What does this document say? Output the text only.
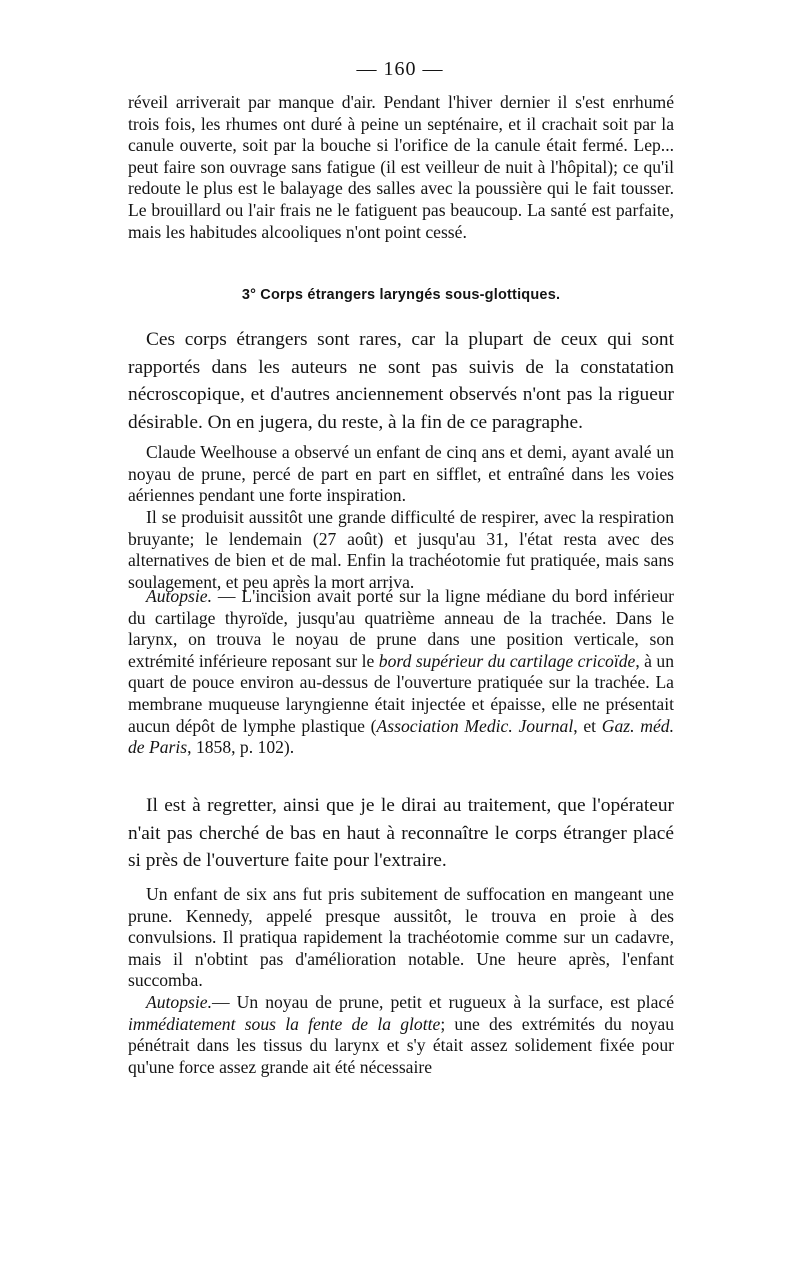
— 160 —

réveil arriverait par manque d'air. Pendant l'hiver dernier il s'est enrhumé trois fois, les rhumes ont duré à peine un septénaire, et il crachait soit par la canule ouverte, soit par la bouche si l'orifice de la canule était fermé. Lep... peut faire son ouvrage sans fatigue (il est veilleur de nuit à l'hôpital); ce qu'il redoute le plus est le balayage des salles avec la poussière qui le fait tousser. Le brouillard ou l'air frais ne le fatiguent pas beaucoup. La santé est parfaite, mais les habitudes alcooliques n'ont point cessé.

3° Corps étrangers laryngés sous-glottiques.

Ces corps étrangers sont rares, car la plupart de ceux qui sont rapportés dans les auteurs ne sont pas suivis de la constatation nécroscopique, et d'autres anciennement observés n'ont pas la rigueur désirable. On en jugera, du reste, à la fin de ce paragraphe.

Claude Weelhouse a observé un enfant de cinq ans et demi, ayant avalé un noyau de prune, percé de part en part en sifflet, et entraîné dans les voies aériennes pendant une forte inspiration.

Il se produisit aussitôt une grande difficulté de respirer, avec la respiration bruyante; le lendemain (27 août) et jusqu'au 31, l'état resta avec des alternatives de bien et de mal. Enfin la trachéotomie fut pratiquée, mais sans soulagement, et peu après la mort arriva.

Autopsie. — L'incision avait porté sur la ligne médiane du bord inférieur du cartilage thyroïde, jusqu'au quatrième anneau de la trachée. Dans le larynx, on trouva le noyau de prune dans une position verticale, son extrémité inférieure reposant sur le bord supérieur du cartilage cricoïde, à un quart de pouce environ au-dessus de l'ouverture pratiquée sur la trachée. La membrane muqueuse laryngienne était injectée et épaisse, elle ne présentait aucun dépôt de lymphe plastique (Association Medic. Journal, et Gaz. méd. de Paris, 1858, p. 102).

Il est à regretter, ainsi que je le dirai au traitement, que l'opérateur n'ait pas cherché de bas en haut à reconnaître le corps étranger placé si près de l'ouverture faite pour l'extraire.

Un enfant de six ans fut pris subitement de suffocation en mangeant une prune. Kennedy, appelé presque aussitôt, le trouva en proie à des convulsions. Il pratiqua rapidement la trachéotomie comme sur un cadavre, mais il n'obtint pas d'amélioration notable. Une heure après, l'enfant succomba.

Autopsie.— Un noyau de prune, petit et rugueux à la surface, est placé immédiatement sous la fente de la glotte; une des extrémités du noyau pénétrait dans les tissus du larynx et s'y était assez solidement fixée pour qu'une force assez grande ait été nécessaire
